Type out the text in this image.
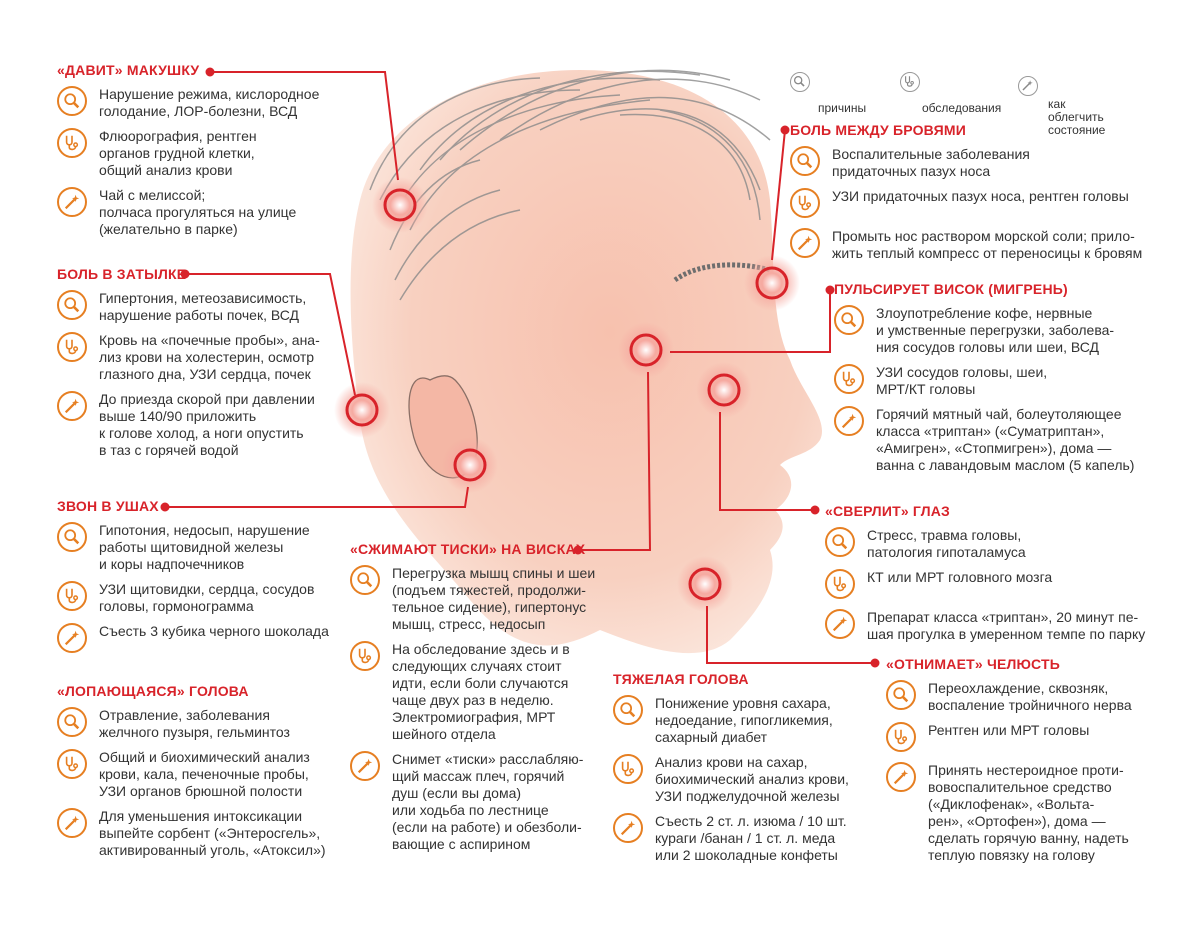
причины	обследования	как облегчить
состояние

«ДАВИТ» МАКУШКУ
Нарушение режима, кислородное
голодание, ЛОР-болезни, ВСД
Флюорография, рентген
органов грудной клетки,
общий анализ крови
Чай с мелиссой;
полчаса прогуляться на улице
(желательно в парке)
БОЛЬ В ЗАТЫЛКЕ
Гипертония, метеозависимость,
нарушение работы почек, ВСД
Кровь на «почечные пробы», ана-
лиз крови на холестерин, осмотр
глазного дна, УЗИ сердца, почек
До приезда скорой при давлении
выше 140/90 приложить
к голове холод, а ноги опустить
в таз с горячей водой
ЗВОН В УШАХ
Гипотония, недосып, нарушение
работы щитовидной железы
и коры надпочечников
УЗИ щитовидки, сердца, сосудов
головы, гормонограмма
Съесть 3 кубика черного шоколада
«ЛОПАЮЩАЯСЯ» ГОЛОВА
Отравление, заболевания
желчного пузыря, гельминтоз
Общий и биохимический анализ
крови, кала, печеночные пробы,
УЗИ органов брюшной полости
Для уменьшения интоксикации
выпейте сорбент («Энтеросгель»,
активированный уголь, «Атоксил»)
«СЖИМАЮТ ТИСКИ» НА ВИСКАХ
Перегрузка мышц спины и шеи
(подъем тяжестей, продолжи-
тельное сидение), гипертонус
мышц, стресс, недосып
На обследование здесь и в
следующих случаях стоит
идти, если боли случаются
чаще двух раз в неделю.
Электромиография, МРТ
шейного отдела
Снимет «тиски» расслабляю-
щий массаж плеч, горячий
душ (если вы дома)
или ходьба по лестнице
(если на работе) и обезболи-
вающие с аспирином
ТЯЖЕЛАЯ ГОЛОВА
Понижение уровня сахара,
недоедание, гипогликемия,
сахарный диабет
Анализ крови на сахар,
биохимический анализ крови,
УЗИ поджелудочной железы
Съесть 2 ст. л. изюма / 10 шт.
кураги /банан / 1 ст. л. меда
или 2 шоколадные конфеты
БОЛЬ МЕЖДУ БРОВЯМИ
Воспалительные заболевания
придаточных пазух носа
УЗИ придаточных пазух носа, рентген головы
Промыть нос раствором морской соли; прило-
жить теплый компресс от переносицы к бровям
ПУЛЬСИРУЕТ ВИСОК (МИГРЕНЬ)
Злоупотребление кофе, нервные
и умственные перегрузки, заболева-
ния сосудов головы или шеи, ВСД
УЗИ сосудов головы, шеи,
МРТ/КТ головы
Горячий мятный чай, болеутоляющее
класса «триптан» («Суматриптан»,
«Амигрен», «Стопмигрен»), дома —
ванна с лавандовым маслом (5 капель)
«СВЕРЛИТ» ГЛАЗ
Стресс, травма головы,
патология гипоталамуса
КТ или МРТ головного мозга
Препарат класса «триптан», 20 минут пе-
шая прогулка в умеренном темпе по парку
«ОТНИМАЕТ» ЧЕЛЮСТЬ
Переохлаждение, сквозняк,
воспаление тройничного нерва
Рентген или МРТ головы
Принять нестероидное проти-
вовоспалительное средство
(«Диклофенак», «Вольта-
рен», «Ортофен»), дома —
сделать горячую ванну, надеть
теплую повязку на голову
